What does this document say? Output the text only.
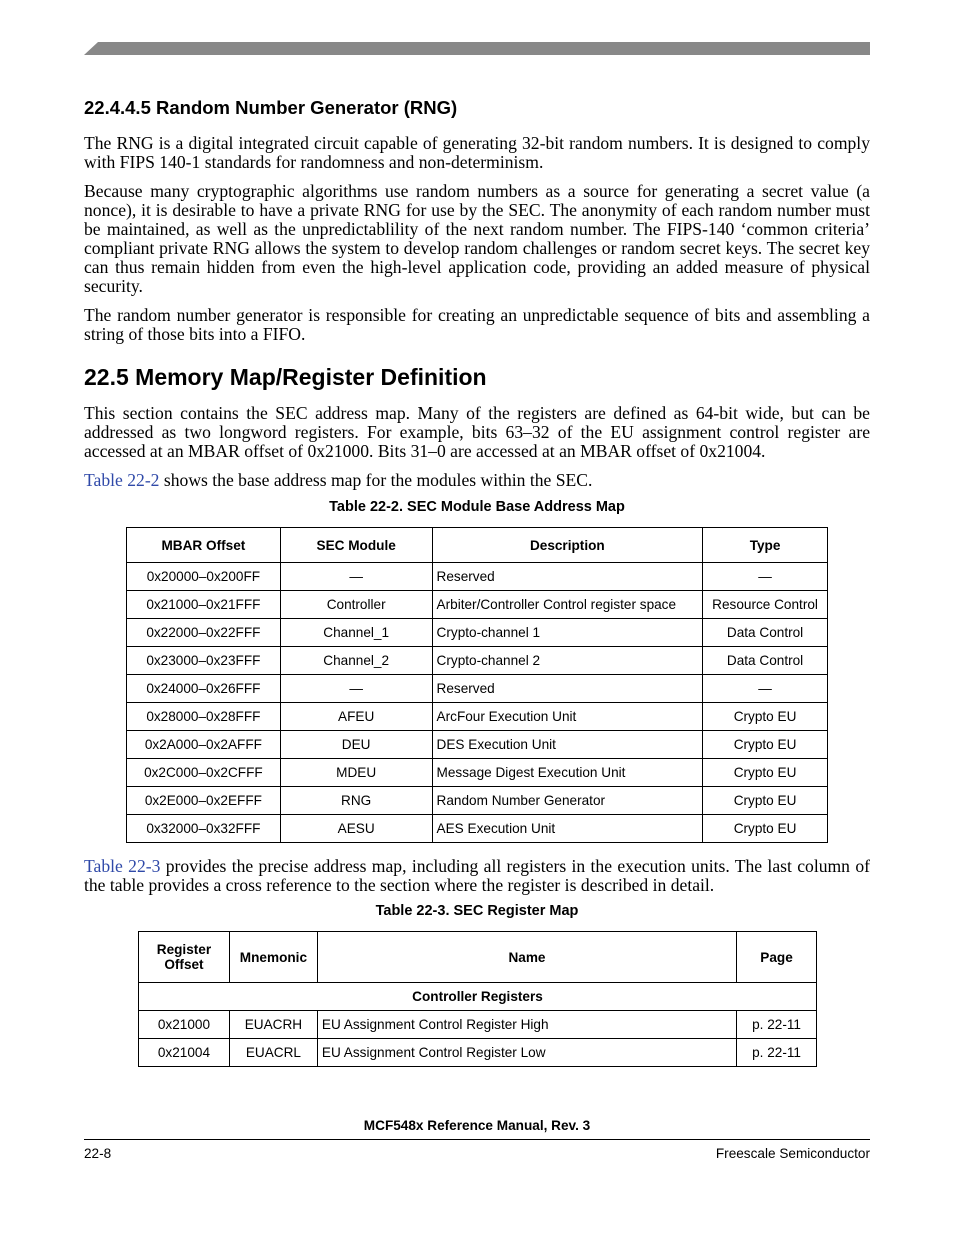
22.4.4.5 Random Number Generator (RNG)

The RNG is a digital integrated circuit capable of generating 32-bit random numbers. It is designed to comply with FIPS 140-1 standards for randomness and non-determinism.

Because many cryptographic algorithms use random numbers as a source for generating a secret value (a nonce), it is desirable to have a private RNG for use by the SEC. The anonymity of each random number must be maintained, as well as the unpredictablility of the next random number. The FIPS-140 ‘common criteria’ compliant private RNG allows the system to develop random challenges or random secret keys. The secret key can thus remain hidden from even the high-level application code, providing an added measure of physical security.

The random number generator is responsible for creating an unpredictable sequence of bits and assembling a string of those bits into a FIFO.

22.5 Memory Map/Register Definition

This section contains the SEC address map. Many of the registers are defined as 64-bit wide, but can be addressed as two longword registers. For example, bits 63–32 of the EU assignment control register are accessed at an MBAR offset of 0x21000. Bits 31–0 are accessed at an MBAR offset of 0x21004.

Table 22-2 shows the base address map for the modules within the SEC.

Table 22-2. SEC Module Base Address Map

MBAR Offset	SEC Module	Description	Type
0x20000–0x200FF	—	Reserved	—
0x21000–0x21FFF	Controller	Arbiter/Controller Control register space	Resource Control
0x22000–0x22FFF	Channel_1	Crypto-channel 1	Data Control
0x23000–0x23FFF	Channel_2	Crypto-channel 2	Data Control
0x24000–0x26FFF	—	Reserved	—
0x28000–0x28FFF	AFEU	ArcFour Execution Unit	Crypto EU
0x2A000–0x2AFFF	DEU	DES Execution Unit	Crypto EU
0x2C000–0x2CFFF	MDEU	Message Digest Execution Unit	Crypto EU
0x2E000–0x2EFFF	RNG	Random Number Generator	Crypto EU
0x32000–0x32FFF	AESU	AES Execution Unit	Crypto EU

Table 22-3 provides the precise address map, including all registers in the execution units. The last column of the table provides a cross reference to the section where the register is described in detail.

Table 22-3. SEC Register Map

Register Offset	Mnemonic	Name	Page
Controller Registers			
0x21000	EUACRH	EU Assignment Control Register High	p. 22-11
0x21004	EUACRL	EU Assignment Control Register Low	p. 22-11

MCF548x Reference Manual, Rev. 3

22-8	Freescale Semiconductor
